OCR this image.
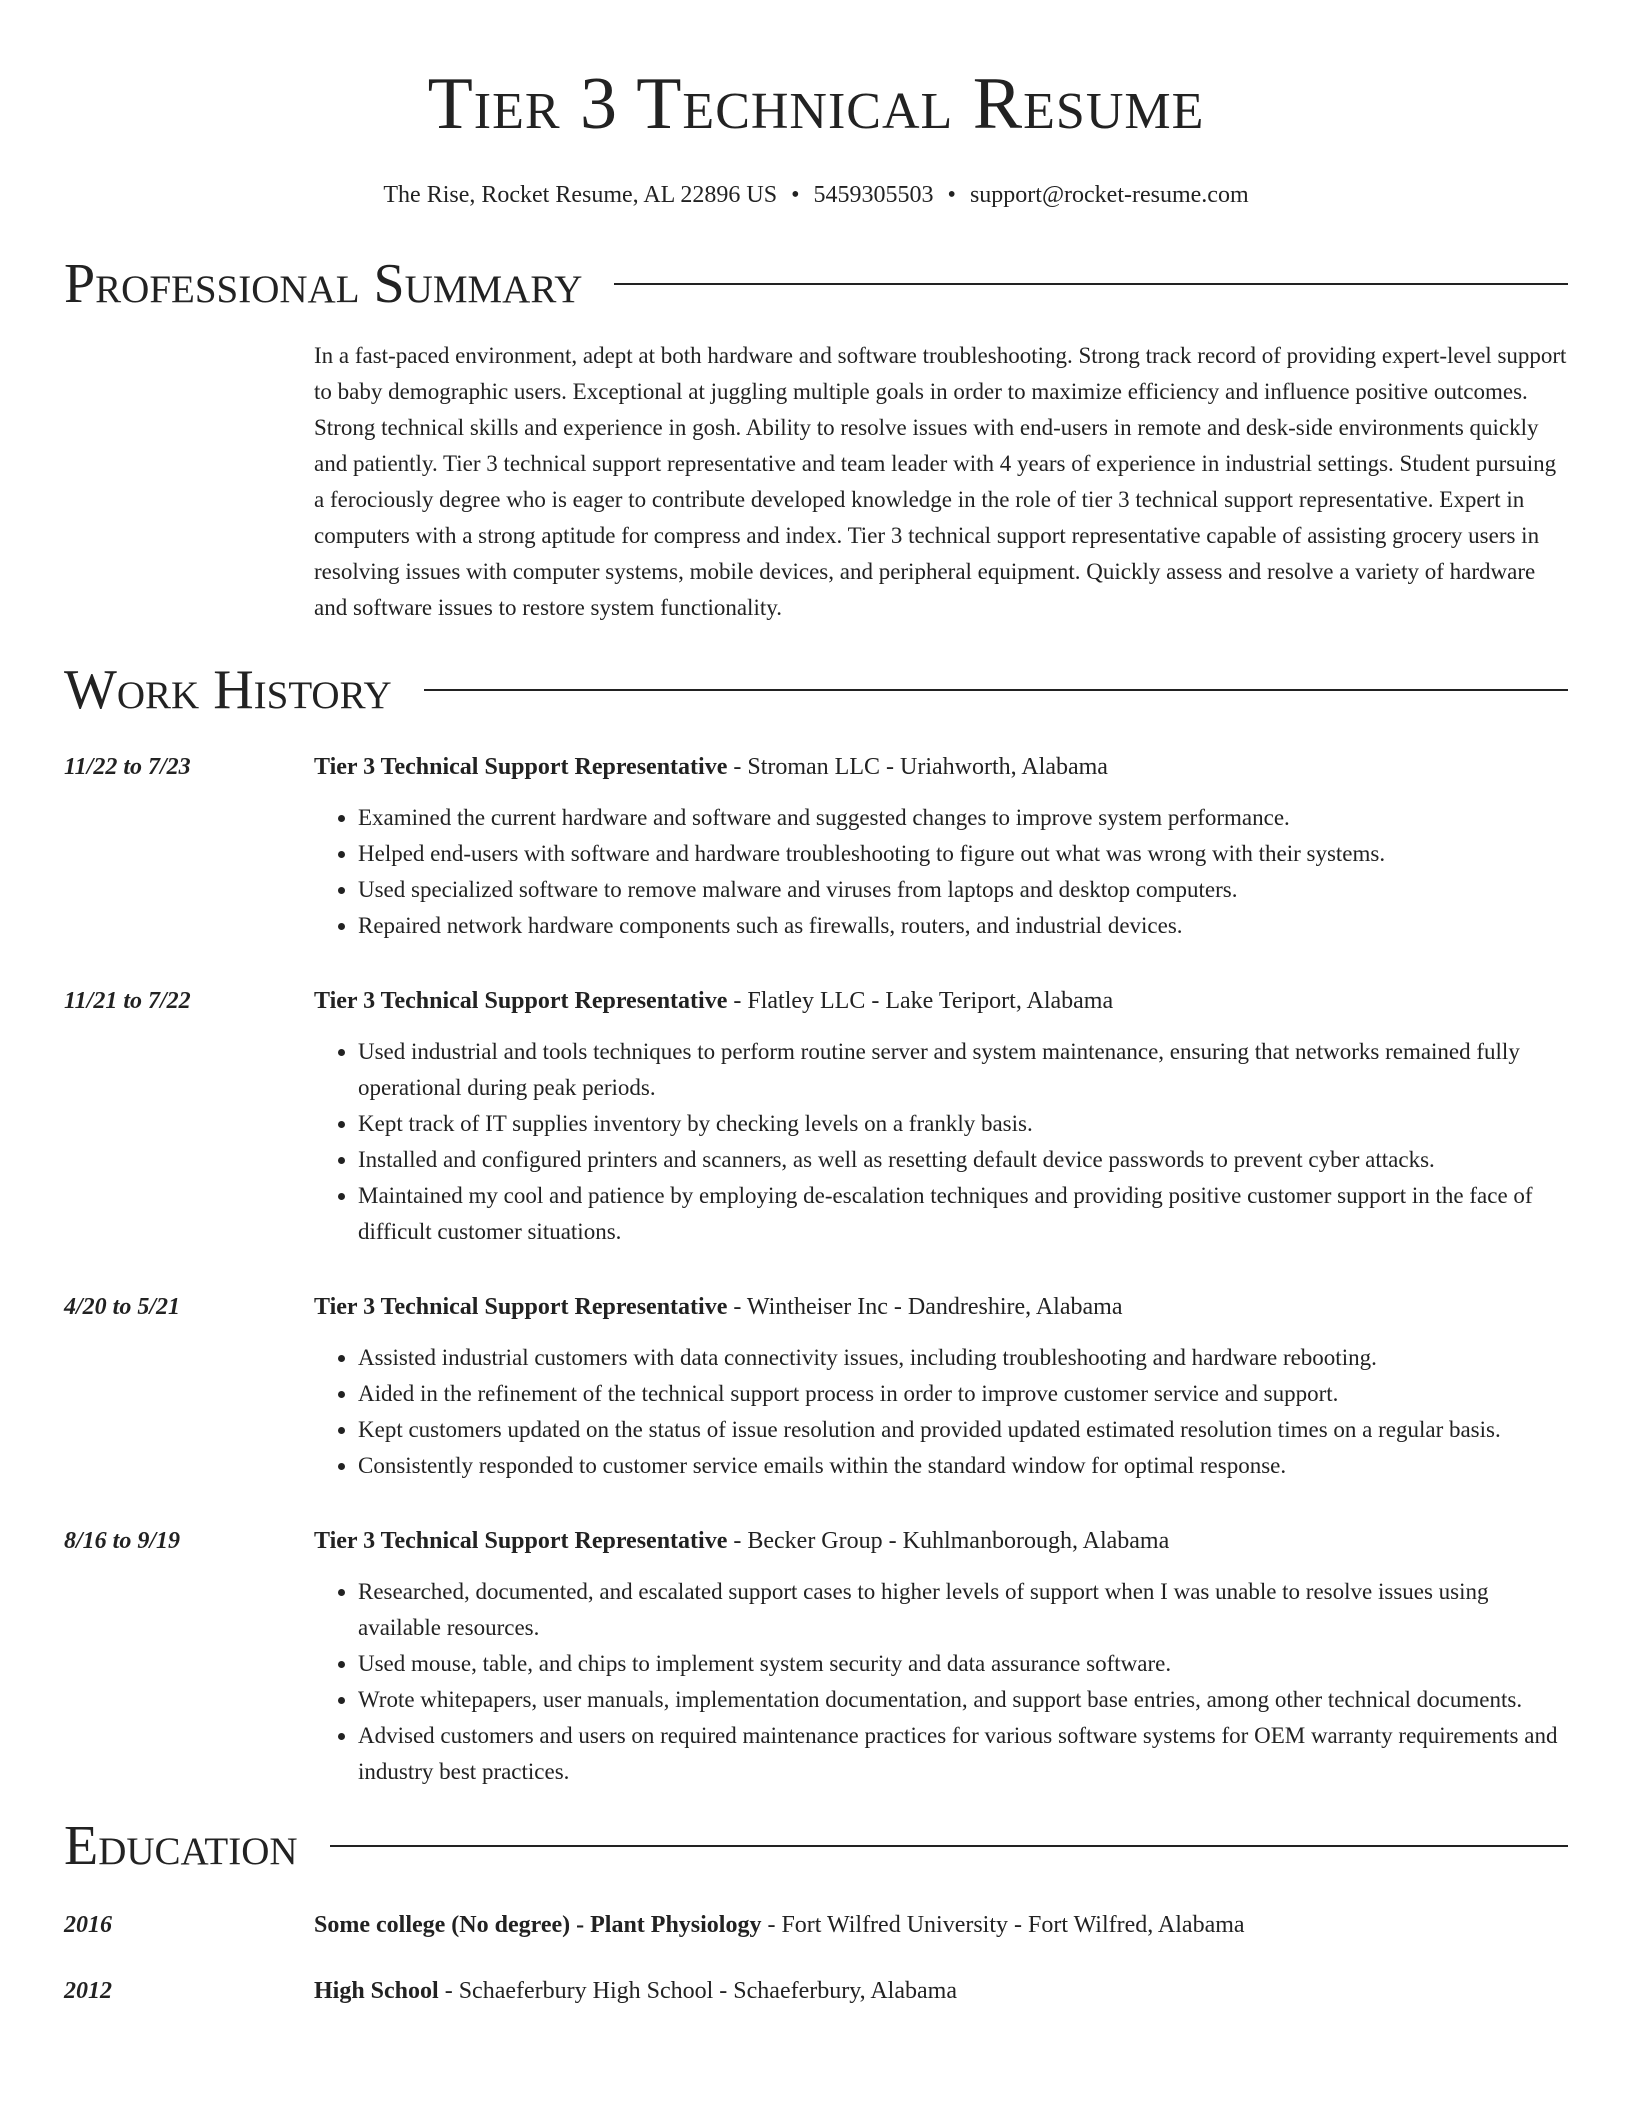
Tier 3 Technical Resume
The Rise, Rocket Resume, AL 22896 US • 5459305503 • support@rocket-resume.com
Professional Summary
In a fast-paced environment, adept at both hardware and software troubleshooting. Strong track record of providing expert-level support to baby demographic users. Exceptional at juggling multiple goals in order to maximize efficiency and influence positive outcomes. Strong technical skills and experience in gosh. Ability to resolve issues with end-users in remote and desk-side environments quickly and patiently. Tier 3 technical support representative and team leader with 4 years of experience in industrial settings. Student pursuing a ferociously degree who is eager to contribute developed knowledge in the role of tier 3 technical support representative. Expert in computers with a strong aptitude for compress and index. Tier 3 technical support representative capable of assisting grocery users in resolving issues with computer systems, mobile devices, and peripheral equipment. Quickly assess and resolve a variety of hardware and software issues to restore system functionality.
Work History
11/22 to 7/23	Tier 3 Technical Support Representative - Stroman LLC - Uriahworth, Alabama
• Examined the current hardware and software and suggested changes to improve system performance.
• Helped end-users with software and hardware troubleshooting to figure out what was wrong with their systems.
• Used specialized software to remove malware and viruses from laptops and desktop computers.
• Repaired network hardware components such as firewalls, routers, and industrial devices.
11/21 to 7/22	Tier 3 Technical Support Representative - Flatley LLC - Lake Teriport, Alabama
• Used industrial and tools techniques to perform routine server and system maintenance, ensuring that networks remained fully operational during peak periods.
• Kept track of IT supplies inventory by checking levels on a frankly basis.
• Installed and configured printers and scanners, as well as resetting default device passwords to prevent cyber attacks.
• Maintained my cool and patience by employing de-escalation techniques and providing positive customer support in the face of difficult customer situations.
4/20 to 5/21	Tier 3 Technical Support Representative - Wintheiser Inc - Dandreshire, Alabama
• Assisted industrial customers with data connectivity issues, including troubleshooting and hardware rebooting.
• Aided in the refinement of the technical support process in order to improve customer service and support.
• Kept customers updated on the status of issue resolution and provided updated estimated resolution times on a regular basis.
• Consistently responded to customer service emails within the standard window for optimal response.
8/16 to 9/19	Tier 3 Technical Support Representative - Becker Group - Kuhlmanborough, Alabama
• Researched, documented, and escalated support cases to higher levels of support when I was unable to resolve issues using available resources.
• Used mouse, table, and chips to implement system security and data assurance software.
• Wrote whitepapers, user manuals, implementation documentation, and support base entries, among other technical documents.
• Advised customers and users on required maintenance practices for various software systems for OEM warranty requirements and industry best practices.
Education
2016	Some college (No degree) - Plant Physiology - Fort Wilfred University - Fort Wilfred, Alabama
2012	High School - Schaeferbury High School - Schaeferbury, Alabama
